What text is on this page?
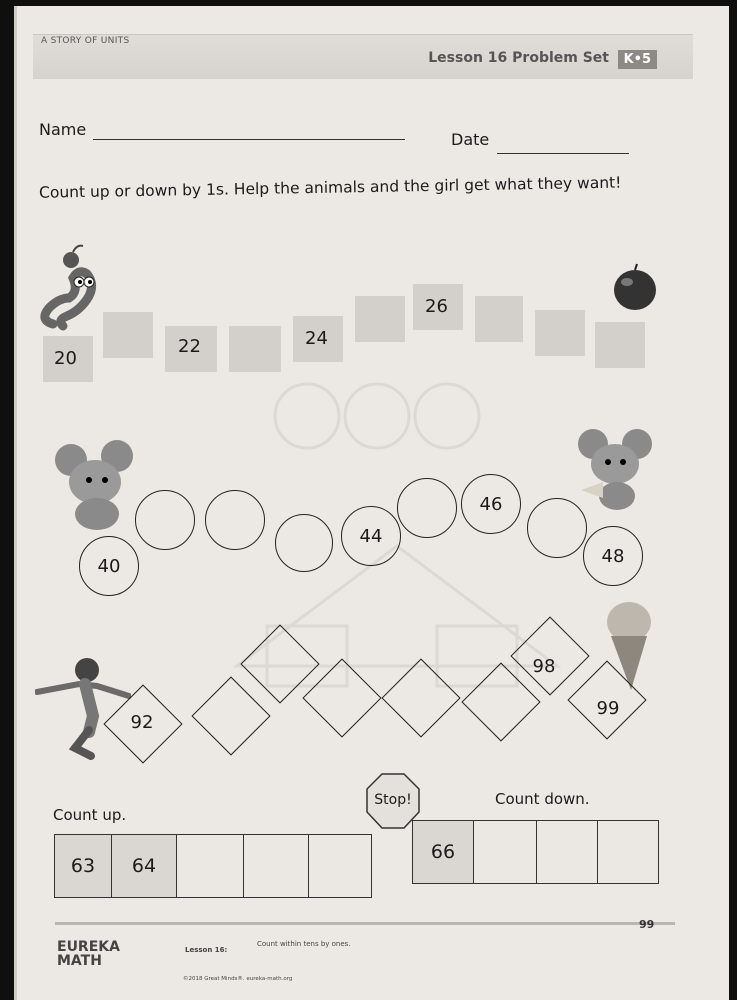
A STORY OF UNITS
Lesson 16 Problem Set	K•5
Name
Date
Count up or down by 1s. Help the animals and the girl get what they want!
20
22	24
26
40
44
46
48
92
98
99
Count up.
63	64
Stop!	Count down.
66
99
EUREKA
MATH
Lesson 16:
Count within tens by ones.
©2018 Great Minds®. eureka-math.org
